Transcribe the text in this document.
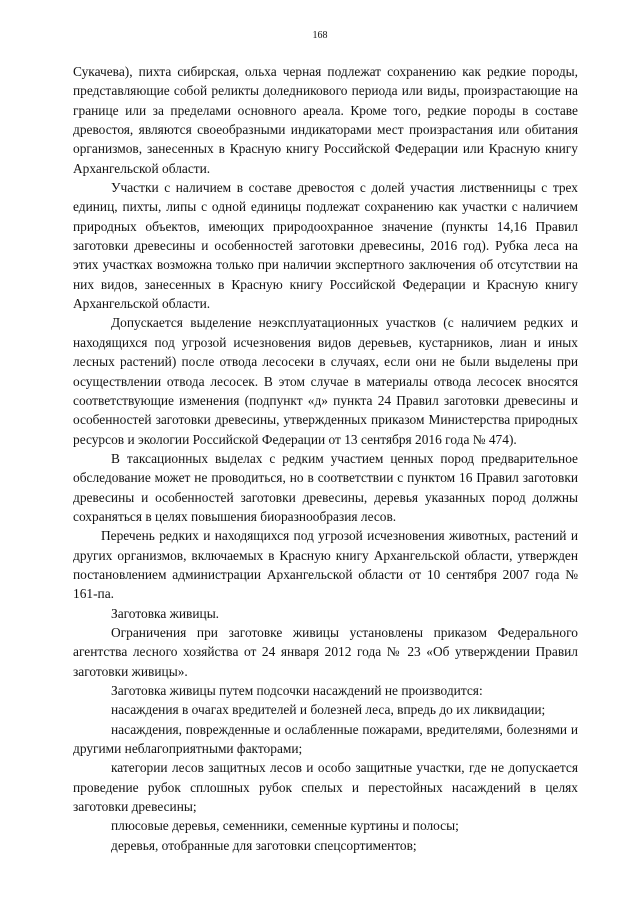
168

Сукачева), пихта сибирская, ольха черная подлежат сохранению как редкие породы, представляющие собой реликты доледникового периода или виды, произрастающие на границе или за пределами основного ареала. Кроме того, редкие породы в составе древостоя, являются своеобразными индикаторами мест произрастания или обитания организмов, занесенных в Красную книгу Российской Федерации или Красную книгу Архангельской области.

Участки с наличием в составе древостоя с долей участия лиственницы с трех единиц, пихты, липы с одной единицы подлежат сохранению как участки с наличием природных объектов, имеющих природоохранное значение (пункты 14,16 Правил заготовки древесины и особенностей заготовки древесины, 2016 год). Рубка леса на этих участках возможна только при наличии экспертного заключения об отсутствии на них видов, занесенных в Красную книгу Российской Федерации и Красную книгу Архангельской области.

Допускается выделение неэксплуатационных участков (с наличием редких и находящихся под угрозой исчезновения видов деревьев, кустарников, лиан и иных лесных растений) после отвода лесосеки в случаях, если они не были выделены при осуществлении отвода лесосек. В этом случае в материалы отвода лесосек вносятся соответствующие изменения (подпункт «д» пункта 24 Правил заготовки древесины и особенностей заготовки древесины, утвержденных приказом Министерства природных ресурсов и экологии Российской Федерации от 13 сентября 2016 года № 474).

В таксационных выделах с редким участием ценных пород предварительное обследование может не проводиться, но в соответствии с пунктом 16 Правил заготовки древесины и особенностей заготовки древесины, деревья указанных пород должны сохраняться в целях повышения биоразнообразия лесов.

Перечень редких и находящихся под угрозой исчезновения животных, растений и других организмов, включаемых в Красную книгу Архангельской области, утвержден постановлением администрации Архангельской области от 10 сентября 2007 года № 161-па.

Заготовка живицы.

Ограничения при заготовке живицы установлены приказом Федерального агентства лесного хозяйства от 24 января 2012 года № 23 «Об утверждении Правил заготовки живицы».

Заготовка живицы путем подсочки насаждений не производится:

насаждения в очагах вредителей и болезней леса, впредь до их ликвидации;

насаждения, поврежденные и ослабленные пожарами, вредителями, болезнями и другими неблагоприятными факторами;

категории лесов защитных лесов и особо защитные участки, где не допускается проведение рубок сплошных рубок спелых и перестойных насаждений в целях заготовки древесины;

плюсовые деревья, семенники, семенные куртины и полосы;

деревья, отобранные для заготовки спецсортиментов;
